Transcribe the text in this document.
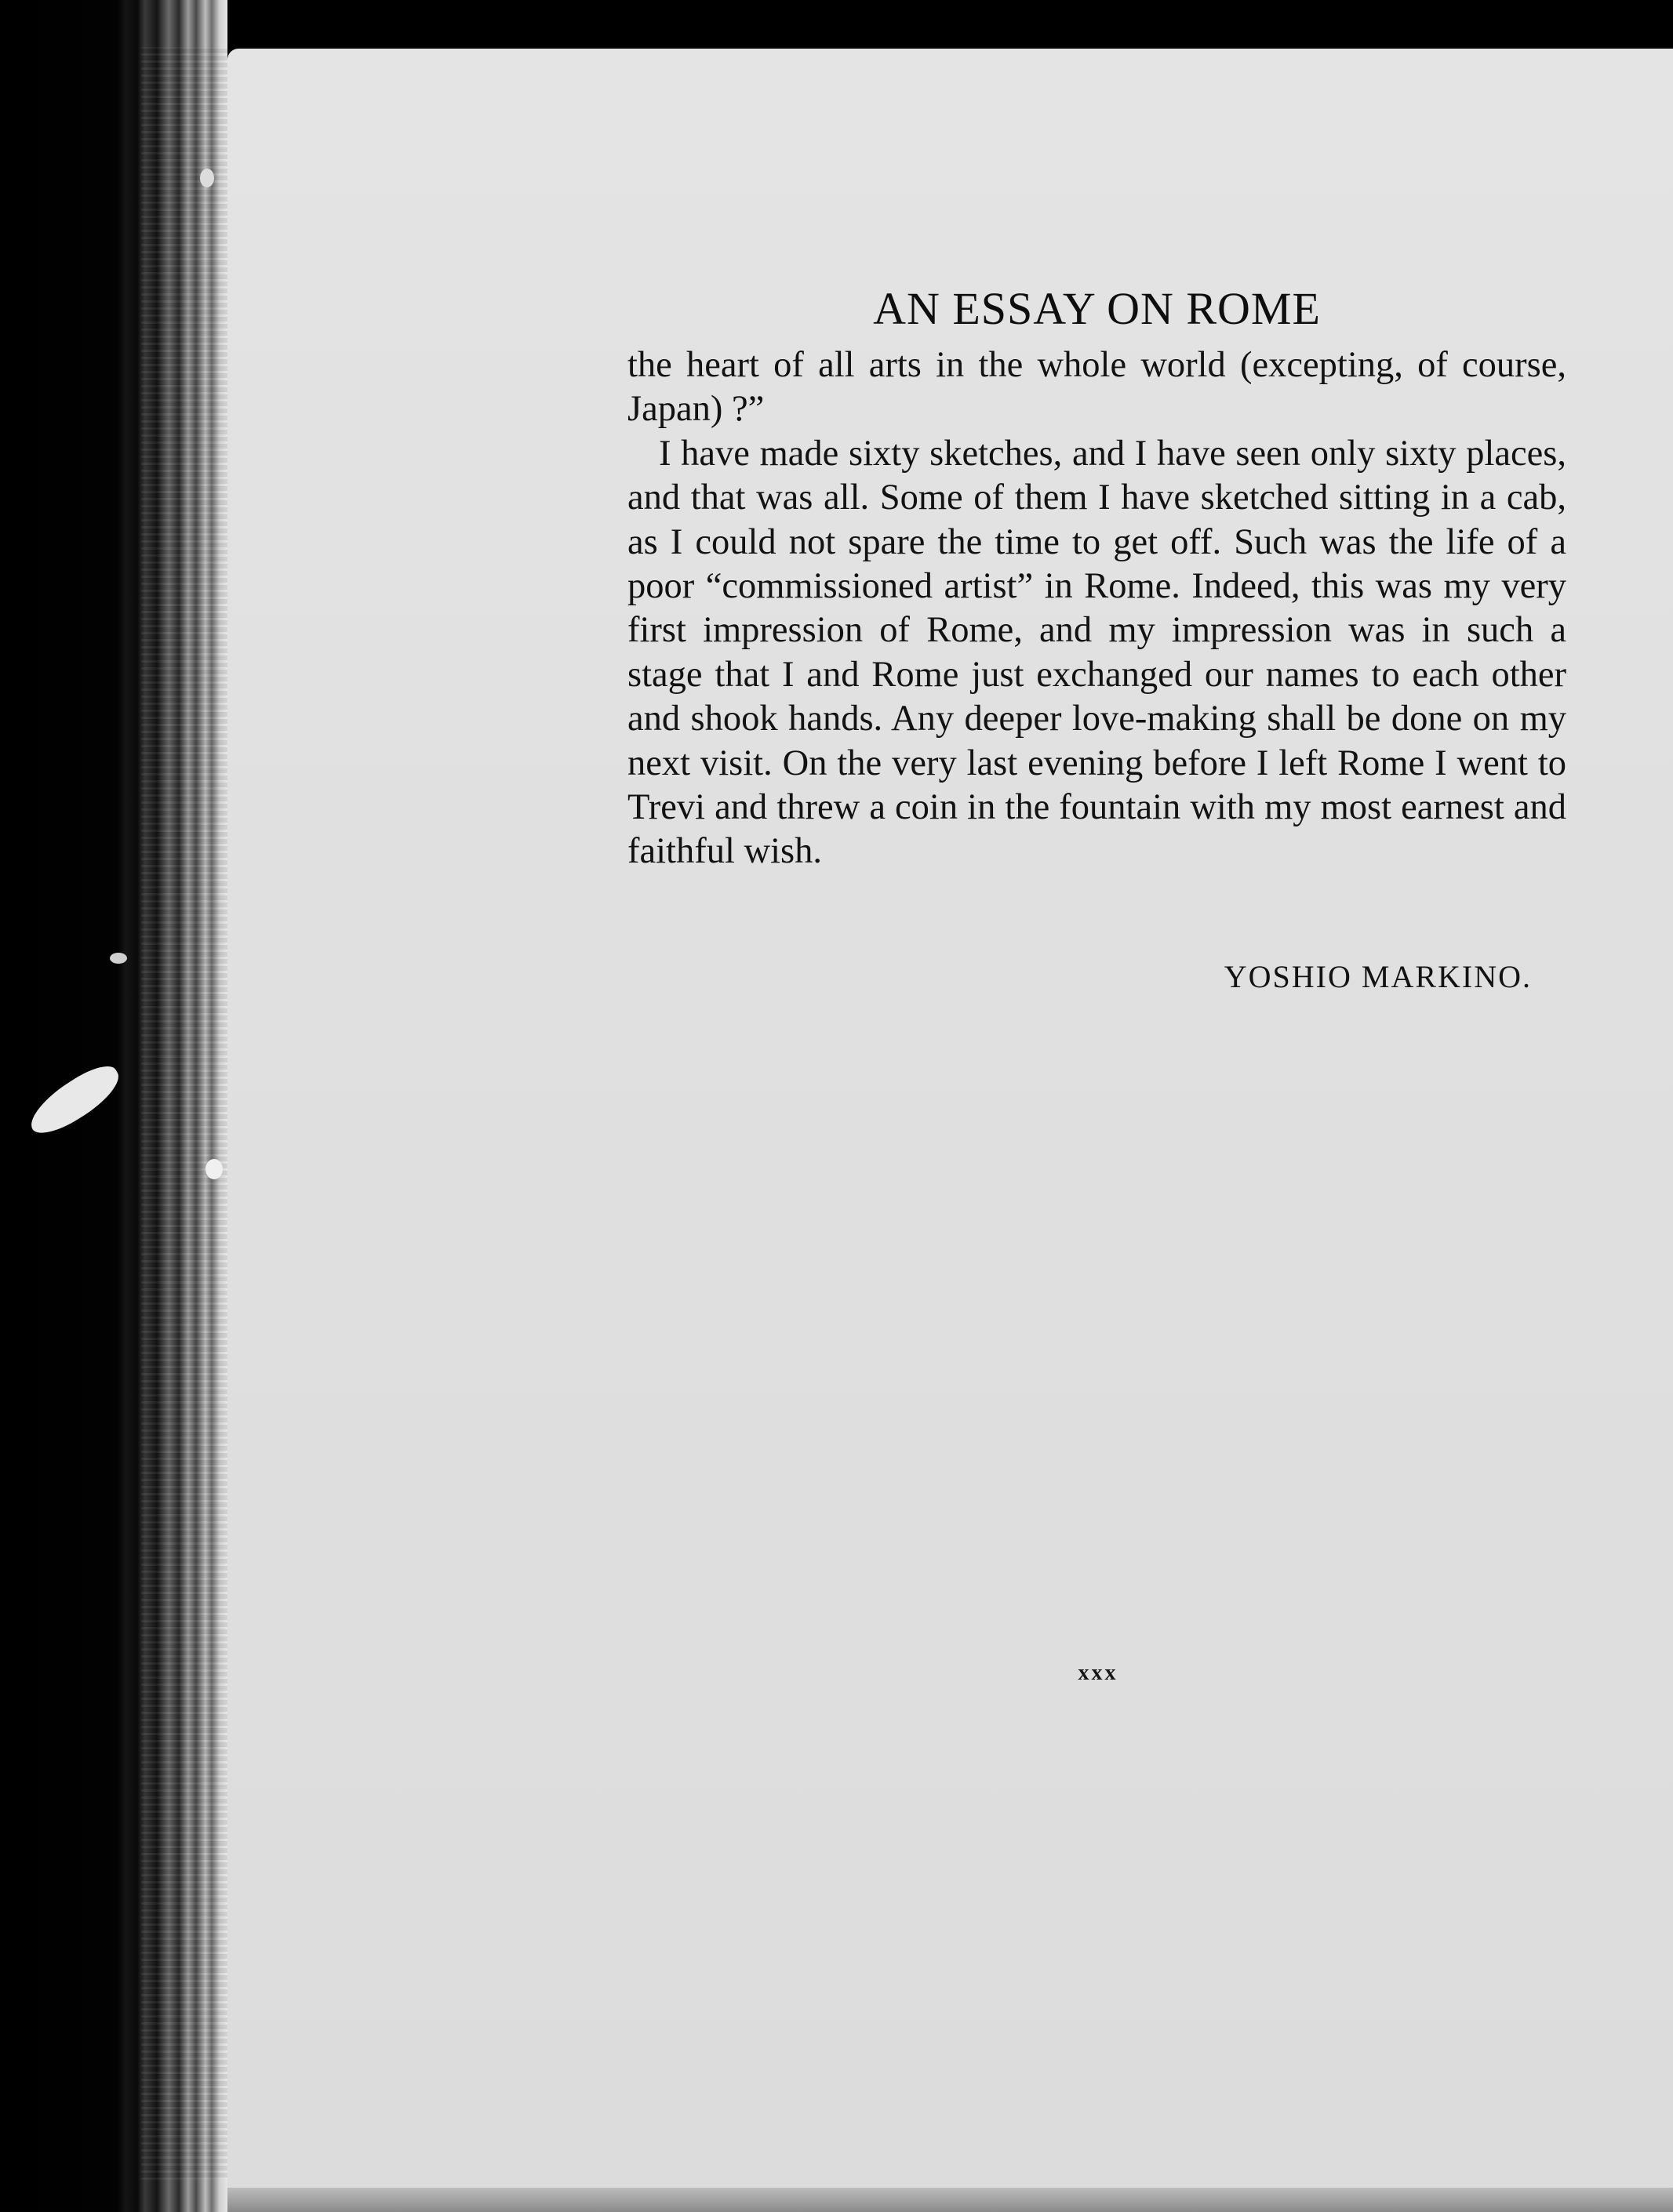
AN ESSAY ON ROME

the heart of all arts in the whole world (excepting, of course, Japan) ?”

I have made sixty sketches, and I have seen only sixty places, and that was all. Some of them I have sketched sitting in a cab, as I could not spare the time to get off. Such was the life of a poor “commissioned artist” in Rome. Indeed, this was my very first impression of Rome, and my impression was in such a stage that I and Rome just exchanged our names to each other and shook hands. Any deeper love-making shall be done on my next visit. On the very last evening before I left Rome I went to Trevi and threw a coin in the fountain with my most earnest and faithful wish.

YOSHIO MARKINO.

xxx
